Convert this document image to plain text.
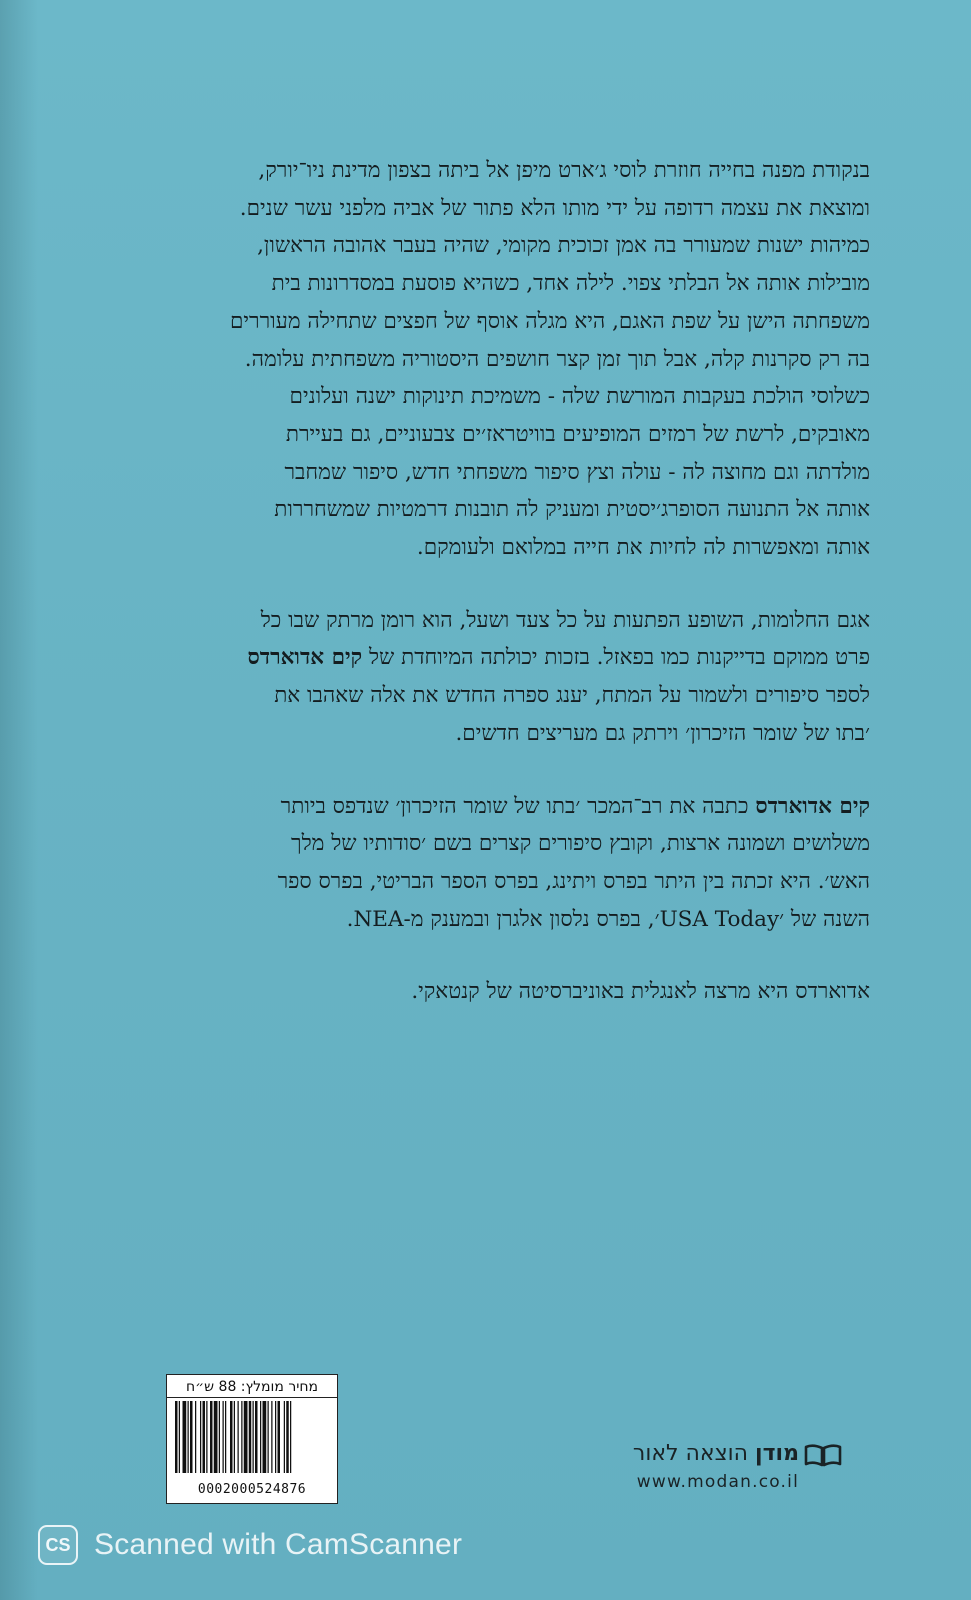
בנקודת מפנה בחייה חוזרת לוסי ג׳ארט מיפן אל ביתה בצפון מדינת ניו־יורק,
ומוצאת את עצמה רדופה על ידי מותו הלא פתור של אביה מלפני עשר שנים.
כמיהות ישנות שמעורר בה אמן זכוכית מקומי, שהיה בעבר אהובה הראשון,
מובילות אותה אל הבלתי צפוי. לילה אחד, כשהיא פוסעת במסדרונות בית
משפחתה הישן על שפת האגם, היא מגלה אוסף של חפצים שתחילה מעוררים
בה רק סקרנות קלה, אבל תוך זמן קצר חושפים היסטוריה משפחתית עלומה.
כשלוסי הולכת בעקבות המורשת שלה - משמיכת תינוקות ישנה ועלונים
מאובקים, לרשת של רמזים המופיעים בוויטראז׳ים צבעוניים, גם בעיירת
מולדתה וגם מחוצה לה - עולה וצץ סיפור משפחתי חדש, סיפור שמחבר
אותה אל התנועה הסופרג׳יסטית ומעניק לה תובנות דרמטיות שמשחררות
אותה ומאפשרות לה לחיות את חייה במלואם ולעומקם.
אגם החלומות, השופע הפתעות על כל צעד ושעל, הוא רומן מרתק שבו כל
פרט ממוקם בדייקנות כמו בפאזל. בזכות יכולתה המיוחדת של קים אדוארדס
לספר סיפורים ולשמור על המתח, יענג ספרה החדש את אלה שאהבו את
׳בתו של שומר הזיכרון׳ וירתק גם מעריצים חדשים.
קים אדוארדס כתבה את רב־המכר ׳בתו של שומר הזיכרון׳ שנדפס ביותר
משלושים ושמונה ארצות, וקובץ סיפורים קצרים בשם ׳סודותיו של מלך
האש׳. היא זכתה בין היתר בפרס ויתינג, בפרס הספר הבריטי, בפרס ספר
השנה של ׳USA Today׳, בפרס נלסון אלגרן ובמענק מ-NEA.
אדוארדס היא מרצה לאנגלית באוניברסיטה של קנטאקי.
מחיר מומלץ: 88 ש״ח
0002000524876
מודן הוצאה לאור
www.modan.co.il
CS Scanned with CamScanner
